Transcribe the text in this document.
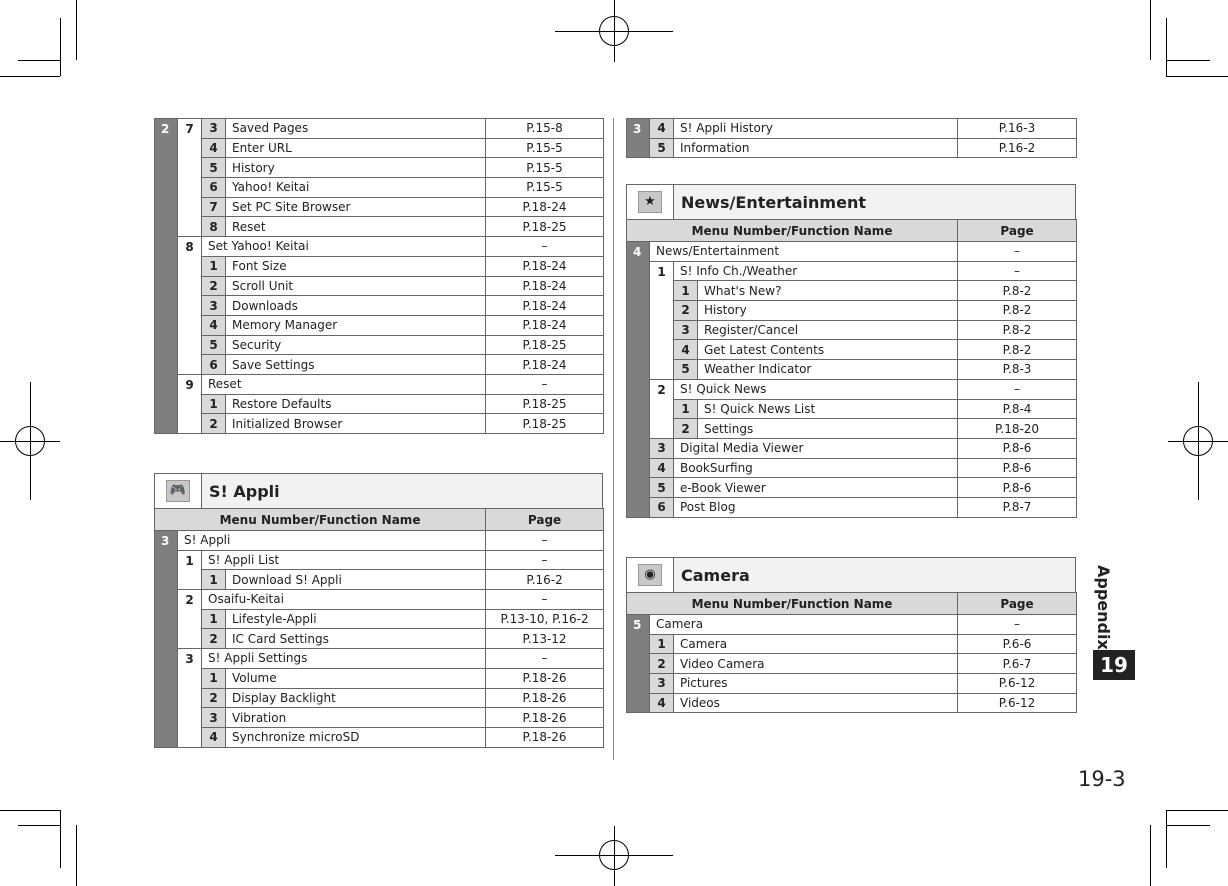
2	7	3	Saved Pages	P.15-8
		4	Enter URL	P.15-5
		5	History	P.15-5
		6	Yahoo! Keitai	P.15-5
		7	Set PC Site Browser	P.18-24
		8	Reset	P.18-25
	8	Set Yahoo! Keitai		–
		1	Font Size	P.18-24
		2	Scroll Unit	P.18-24
		3	Downloads	P.18-24
		4	Memory Manager	P.18-24
		5	Security	P.18-25
		6	Save Settings	P.18-24
	9	Reset		–
		1	Restore Defaults	P.18-25
		2	Initialized Browser	P.18-25
🎮 S! Appli
Menu Number/Function Name				Page
3	S! Appli			–
	1	S! Appli List		–
		1	Download S! Appli	P.16-2
	2	Osaifu-Keitai		–
		1	Lifestyle-Appli	P.13-10, P.16-2
		2	IC Card Settings	P.13-12
	3	S! Appli Settings		–
		1	Volume	P.18-26
		2	Display Backlight	P.18-26
		3	Vibration	P.18-26
		4	Synchronize microSD	P.18-26
3	4	S! Appli History	P.16-3
	5	Information	P.16-2
★	News/Entertainment
Menu Number/Function Name				Page
4	News/Entertainment			–
	1	S! Info Ch./Weather		–
		1	What's New?	P.8-2
		2	History	P.8-2
		3	Register/Cancel	P.8-2
		4	Get Latest Contents	P.8-2
		5	Weather Indicator	P.8-3
	2	S! Quick News		–
		1	S! Quick News List	P.8-4
		2	Settings	P.18-20
	3	Digital Media Viewer		P.8-6
	4	BookSurfing		P.8-6
	5	e-Book Viewer		P.8-6
	6	Post Blog		P.8-7
◉	Camera
Menu Number/Function Name			Page
5	Camera		–
	1	Camera	P.6-6
	2	Video Camera	P.6-7
	3	Pictures	P.6-12
	4	Videos	P.6-12
Appendix
19
19-3
